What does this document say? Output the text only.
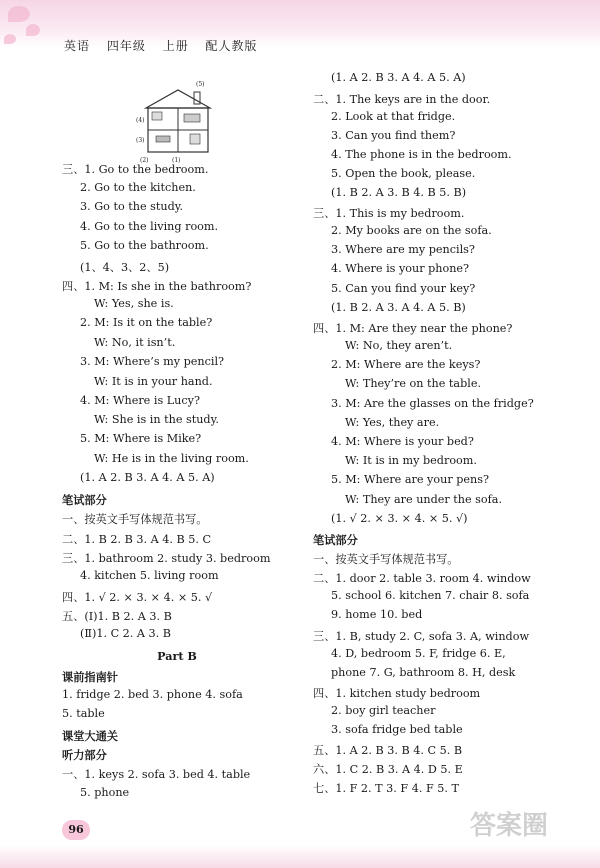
英语 四年级 上册 配人教版
(5)
(4)
(3)
(1)
(2)
三、1. Go to the bedroom.
2. Go to the kitchen.
3. Go to the study.
4. Go to the living room.
5. Go to the bathroom.
(1、4、3、2、5)
四、1. M: Is she in the bathroom?
W: Yes, she is.
2. M: Is it on the table?
W: No, it isn’t.
3. M: Where’s my pencil?
W: It is in your hand.
4. M: Where is Lucy?
W: She is in the study.
5. M: Where is Mike?
W: He is in the living room.
(1. A 2. B 3. A 4. A 5. A)
笔试部分
一、按英文手写体规范书写。
二、1. B 2. B 3. A 4. B 5. C
三、1. bathroom 2. study 3. bedroom
4. kitchen 5. living room
四、1. √ 2. × 3. × 4. × 5. √
五、(Ⅰ)1. B 2. A 3. B
(Ⅱ)1. C 2. A 3. B
Part B
课前指南针
1. fridge 2. bed 3. phone 4. sofa
5. table
课堂大通关
听力部分
一、1. keys 2. sofa 3. bed 4. table
5. phone
(1. A 2. B 3. A 4. A 5. A)
二、1. The keys are in the door.
2. Look at that fridge.
3. Can you find them?
4. The phone is in the bedroom.
5. Open the book, please.
(1. B 2. A 3. B 4. B 5. B)
三、1. This is my bedroom.
2. My books are on the sofa.
3. Where are my pencils?
4. Where is your phone?
5. Can you find your key?
(1. B 2. A 3. A 4. A 5. B)
四、1. M: Are they near the phone?
W: No, they aren’t.
2. M: Where are the keys?
W: They’re on the table.
3. M: Are the glasses on the fridge?
W: Yes, they are.
4. M: Where is your bed?
W: It is in my bedroom.
5. M: Where are your pens?
W: They are under the sofa.
(1. √ 2. × 3. × 4. × 5. √)
笔试部分
一、按英文手写体规范书写。
二、1. door 2. table 3. room 4. window
5. school 6. kitchen 7. chair 8. sofa
9. home 10. bed
三、1. B, study 2. C, sofa 3. A, window
4. D, bedroom 5. F, fridge 6. E,
phone 7. G, bathroom 8. H, desk
四、1. kitchen study bedroom
2. boy girl teacher
3. sofa fridge bed table
五、1. A 2. B 3. B 4. C 5. B
六、1. C 2. B 3. A 4. D 5. E
七、1. F 2. T 3. F 4. F 5. T
96	答案圈
